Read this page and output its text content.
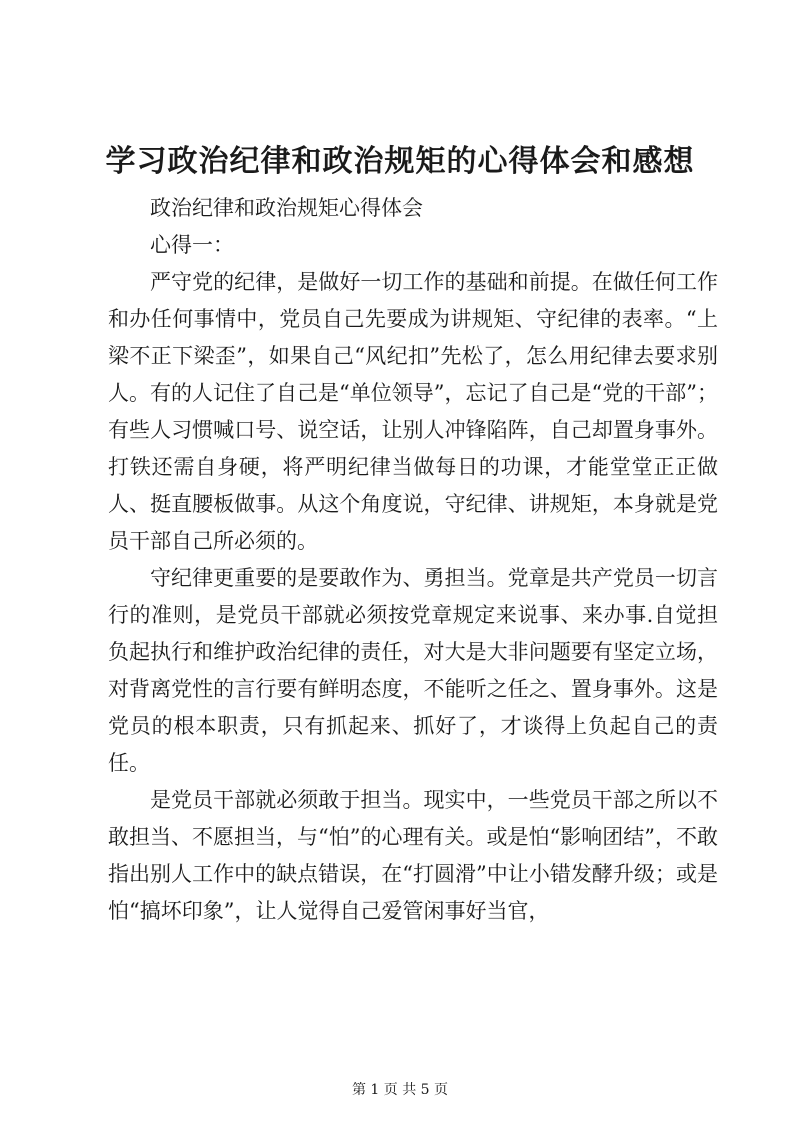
学习政治纪律和政治规矩的心得体会和感想

政治纪律和政治规矩心得体会

心得一：

严守党的纪律，是做好一切工作的基础和前提。在做任何工作和办任何事情中，党员自己先要成为讲规矩、守纪律的表率。“上梁不正下梁歪”，如果自己“风纪扣”先松了，怎么用纪律去要求别人。有的人记住了自己是“单位领导”，忘记了自己是“党的干部”；有些人习惯喊口号、说空话，让别人冲锋陷阵，自己却置身事外。打铁还需自身硬，将严明纪律当做每日的功课，才能堂堂正正做人、挺直腰板做事。从这个角度说，守纪律、讲规矩，本身就是党员干部自己所必须的。

守纪律更重要的是要敢作为、勇担当。党章是共产党员一切言行的准则，是党员干部就必须按党章规定来说事、来办事.自觉担负起执行和维护政治纪律的责任，对大是大非问题要有坚定立场，对背离党性的言行要有鲜明态度，不能听之任之、置身事外。这是党员的根本职责，只有抓起来、抓好了，才谈得上负起自己的责任。

是党员干部就必须敢于担当。现实中，一些党员干部之所以不敢担当、不愿担当，与“怕”的心理有关。或是怕“影响团结”，不敢指出别人工作中的缺点错误，在“打圆滑”中让小错发酵升级；或是怕“搞坏印象”，让人觉得自己爱管闲事好当官，

第 1 页 共 5 页
